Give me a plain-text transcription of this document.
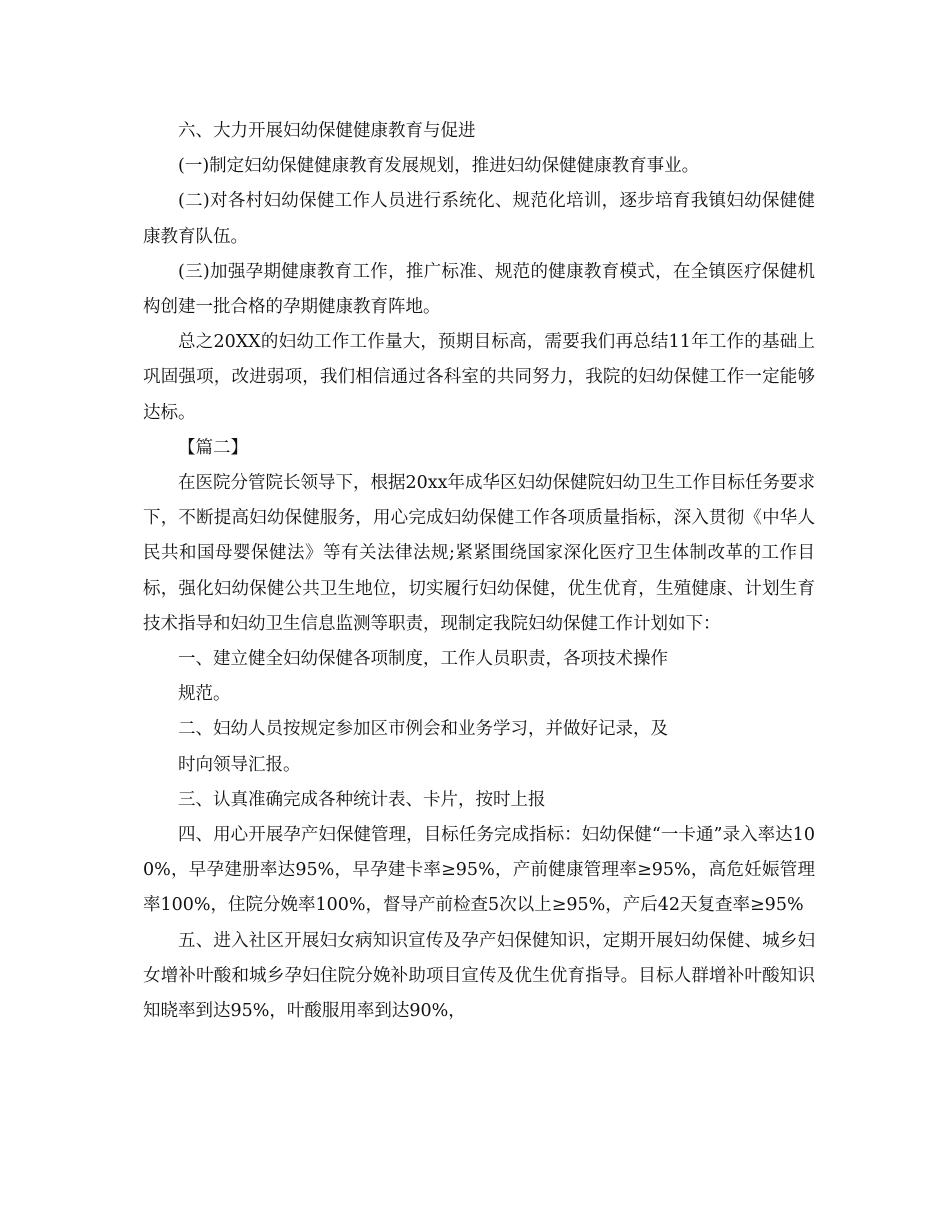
六、大力开展妇幼保健健康教育与促进

(一)制定妇幼保健健康教育发展规划，推进妇幼保健健康教育事业。

(二)对各村妇幼保健工作人员进行系统化、规范化培训，逐步培育我镇妇幼保健健康教育队伍。

(三)加强孕期健康教育工作，推广标准、规范的健康教育模式，在全镇医疗保健机构创建一批合格的孕期健康教育阵地。

总之20XX的妇幼工作工作量大，预期目标高，需要我们再总结11年工作的基础上巩固强项，改进弱项，我们相信通过各科室的共同努力，我院的妇幼保健工作一定能够达标。

【篇二】

在医院分管院长领导下，根据20xx年成华区妇幼保健院妇幼卫生工作目标任务要求下，不断提高妇幼保健服务，用心完成妇幼保健工作各项质量指标，深入贯彻《中华人民共和国母婴保健法》等有关法律法规;紧紧围绕国家深化医疗卫生体制改革的工作目标，强化妇幼保健公共卫生地位，切实履行妇幼保健，优生优育，生殖健康、计划生育技术指导和妇幼卫生信息监测等职责，现制定我院妇幼保健工作计划如下：

一、建立健全妇幼保健各项制度，工作人员职责，各项技术操作

规范。

二、妇幼人员按规定参加区市例会和业务学习，并做好记录，及

时向领导汇报。

三、认真准确完成各种统计表、卡片，按时上报

四、用心开展孕产妇保健管理，目标任务完成指标：妇幼保健“一卡通”录入率达100%，早孕建册率达95%，早孕建卡率≥95%，产前健康管理率≥95%，高危妊娠管理率100%，住院分娩率100%，督导产前检查5次以上≥95%，产后42天复查率≥95%

五、进入社区开展妇女病知识宣传及孕产妇保健知识，定期开展妇幼保健、城乡妇女增补叶酸和城乡孕妇住院分娩补助项目宣传及优生优育指导。目标人群增补叶酸知识知晓率到达95%，叶酸服用率到达90%，
